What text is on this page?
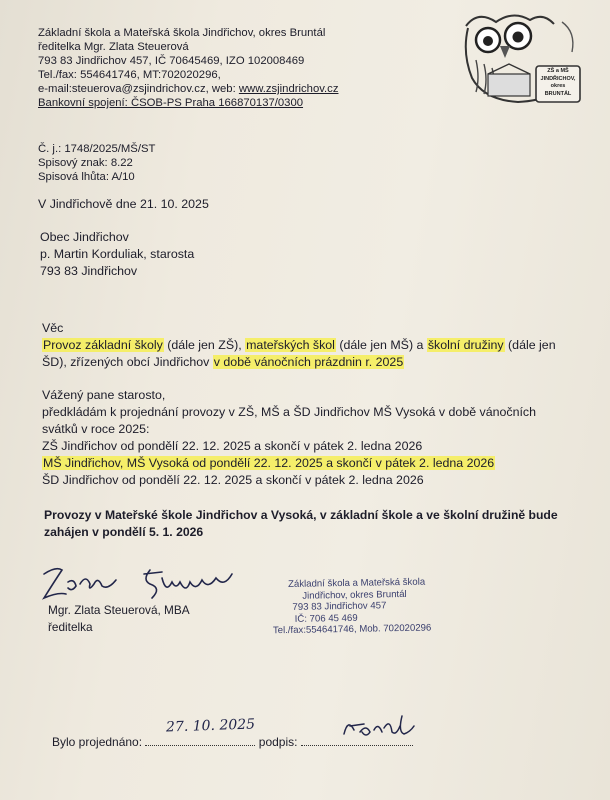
Základní škola a Mateřská škola Jindřichov, okres Bruntál
ředitelka Mgr. Zlata Steuerová
793 83 Jindřichov 457, IČ 70645469, IZO 102008469
Tel./fax: 554641746, MT:702020296,
e-mail:steuerova@zsjindrichov.cz, web: www.zsjindrichov.cz
Bankovní spojení: ČSOB-PS Praha 166870137/0300
ZŠ a MŠ
JINDŘICHOV,
okres
BRUNTÁL
Č. j.: 1748/2025/MŠ/ST
Spisový znak: 8.22
Spisová lhůta: A/10
V Jindřichově dne 21. 10. 2025
Obec Jindřichov
p. Martin Korduliak, starosta
793 83 Jindřichov
Věc
Provoz základní školy (dále jen ZŠ), mateřských škol (dále jen MŠ) a školní družiny (dále jen
ŠD), zřízených obcí Jindřichov v době vánočních prázdnin r. 2025
Vážený pane starosto,
předkládám k projednání provozy v ZŠ, MŠ a ŠD Jindřichov MŠ Vysoká v době vánočních
svátků v roce 2025:
ZŠ Jindřichov od pondělí 22. 12. 2025 a skončí v pátek 2. ledna 2026
MŠ Jindřichov, MŠ Vysoká od pondělí 22. 12. 2025 a skončí v pátek 2. ledna 2026
ŠD Jindřichov od pondělí 22. 12. 2025 a skončí v pátek 2. ledna 2026
Provozy v Mateřské škole Jindřichov a Vysoká, v základní škole a ve školní družině bude
zahájen v pondělí 5. 1. 2026
Mgr. Zlata Steuerová, MBA
ředitelka
Základní škola a Mateřská škola
Jindřichov, okres Bruntál
793 83 Jindřichov 457
IČ: 706 45 469
Tel./fax:554641746, Mob. 702020296
Bylo projednáno:	podpis:
27. 10. 2025
